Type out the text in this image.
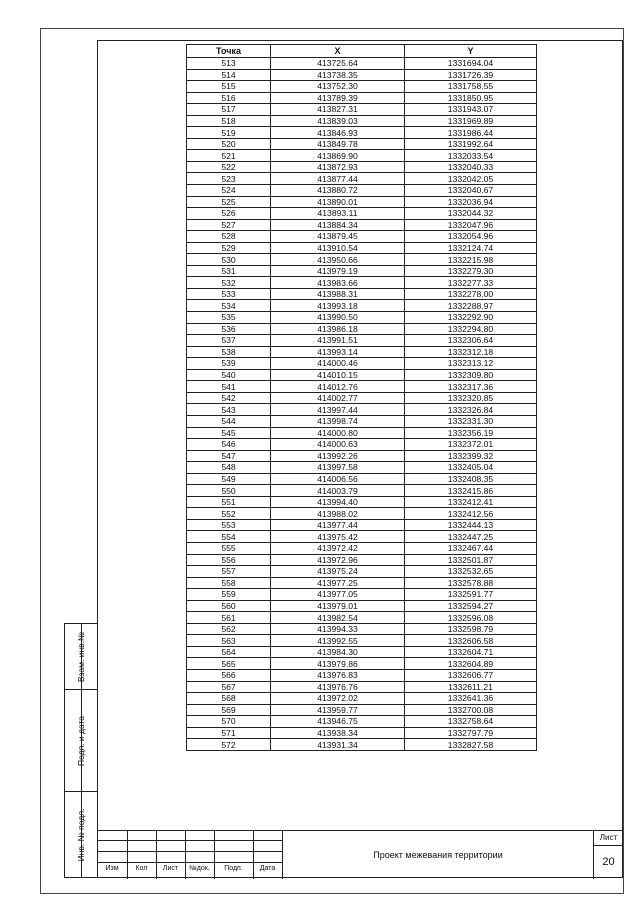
Взам. инв.№
Подп. и дата
Инв. № подл.
Точка	X	Y
513	413725.64	1331694.04
514	413738.35	1331726.39
515	413752.30	1331758.55
516	413789.39	1331850.95
517	413827.31	1331943.07
518	413839.03	1331969.89
519	413846.93	1331986.44
520	413849.78	1331992.64
521	413869.90	1332033.54
522	413872.93	1332040.33
523	413877.44	1332042.05
524	413880.72	1332040.67
525	413890.01	1332036.94
526	413893.11	1332044.32
527	413884.34	1332047.96
528	413879.45	1332054.96
529	413910.54	1332124.74
530	413950.66	1332215.98
531	413979.19	1332279.30
532	413983.66	1332277.33
533	413988.31	1332278.00
534	413993.18	1332288.97
535	413990.50	1332292.90
536	413986.18	1332294.80
537	413991.51	1332306.64
538	413993.14	1332312.18
539	414000.46	1332313.12
540	414010.15	1332309.80
541	414012.76	1332317.36
542	414002.77	1332320.85
543	413997.44	1332326.84
544	413998.74	1332331.30
545	414000.80	1332356.19
546	414000.63	1332372.01
547	413992.26	1332399.32
548	413997.58	1332405.04
549	414006.56	1332408.35
550	414003.79	1332415.86
551	413994.40	1332412.41
552	413988.02	1332412.56
553	413977.44	1332444.13
554	413975.42	1332447.25
555	413972.42	1332467.44
556	413972.96	1332501.87
557	413975.24	1332532.65
558	413977.25	1332578.88
559	413977.05	1332591.77
560	413979.01	1332594.27
561	413982.54	1332596.08
562	413994.33	1332598.79
563	413992.55	1332606.58
564	413984.30	1332604.71
565	413979.86	1332604.89
566	413976.83	1332606.77
567	413976.76	1332611.21
568	413972.02	1332641.36
569	413959.77	1332700.08
570	413946.75	1332758.64
571	413938.34	1332797.79
572	413931.34	1332827.58
Изм	Кол	Лист	№док.	Подп.	Дата
Проект межевания территории
Лист
20
